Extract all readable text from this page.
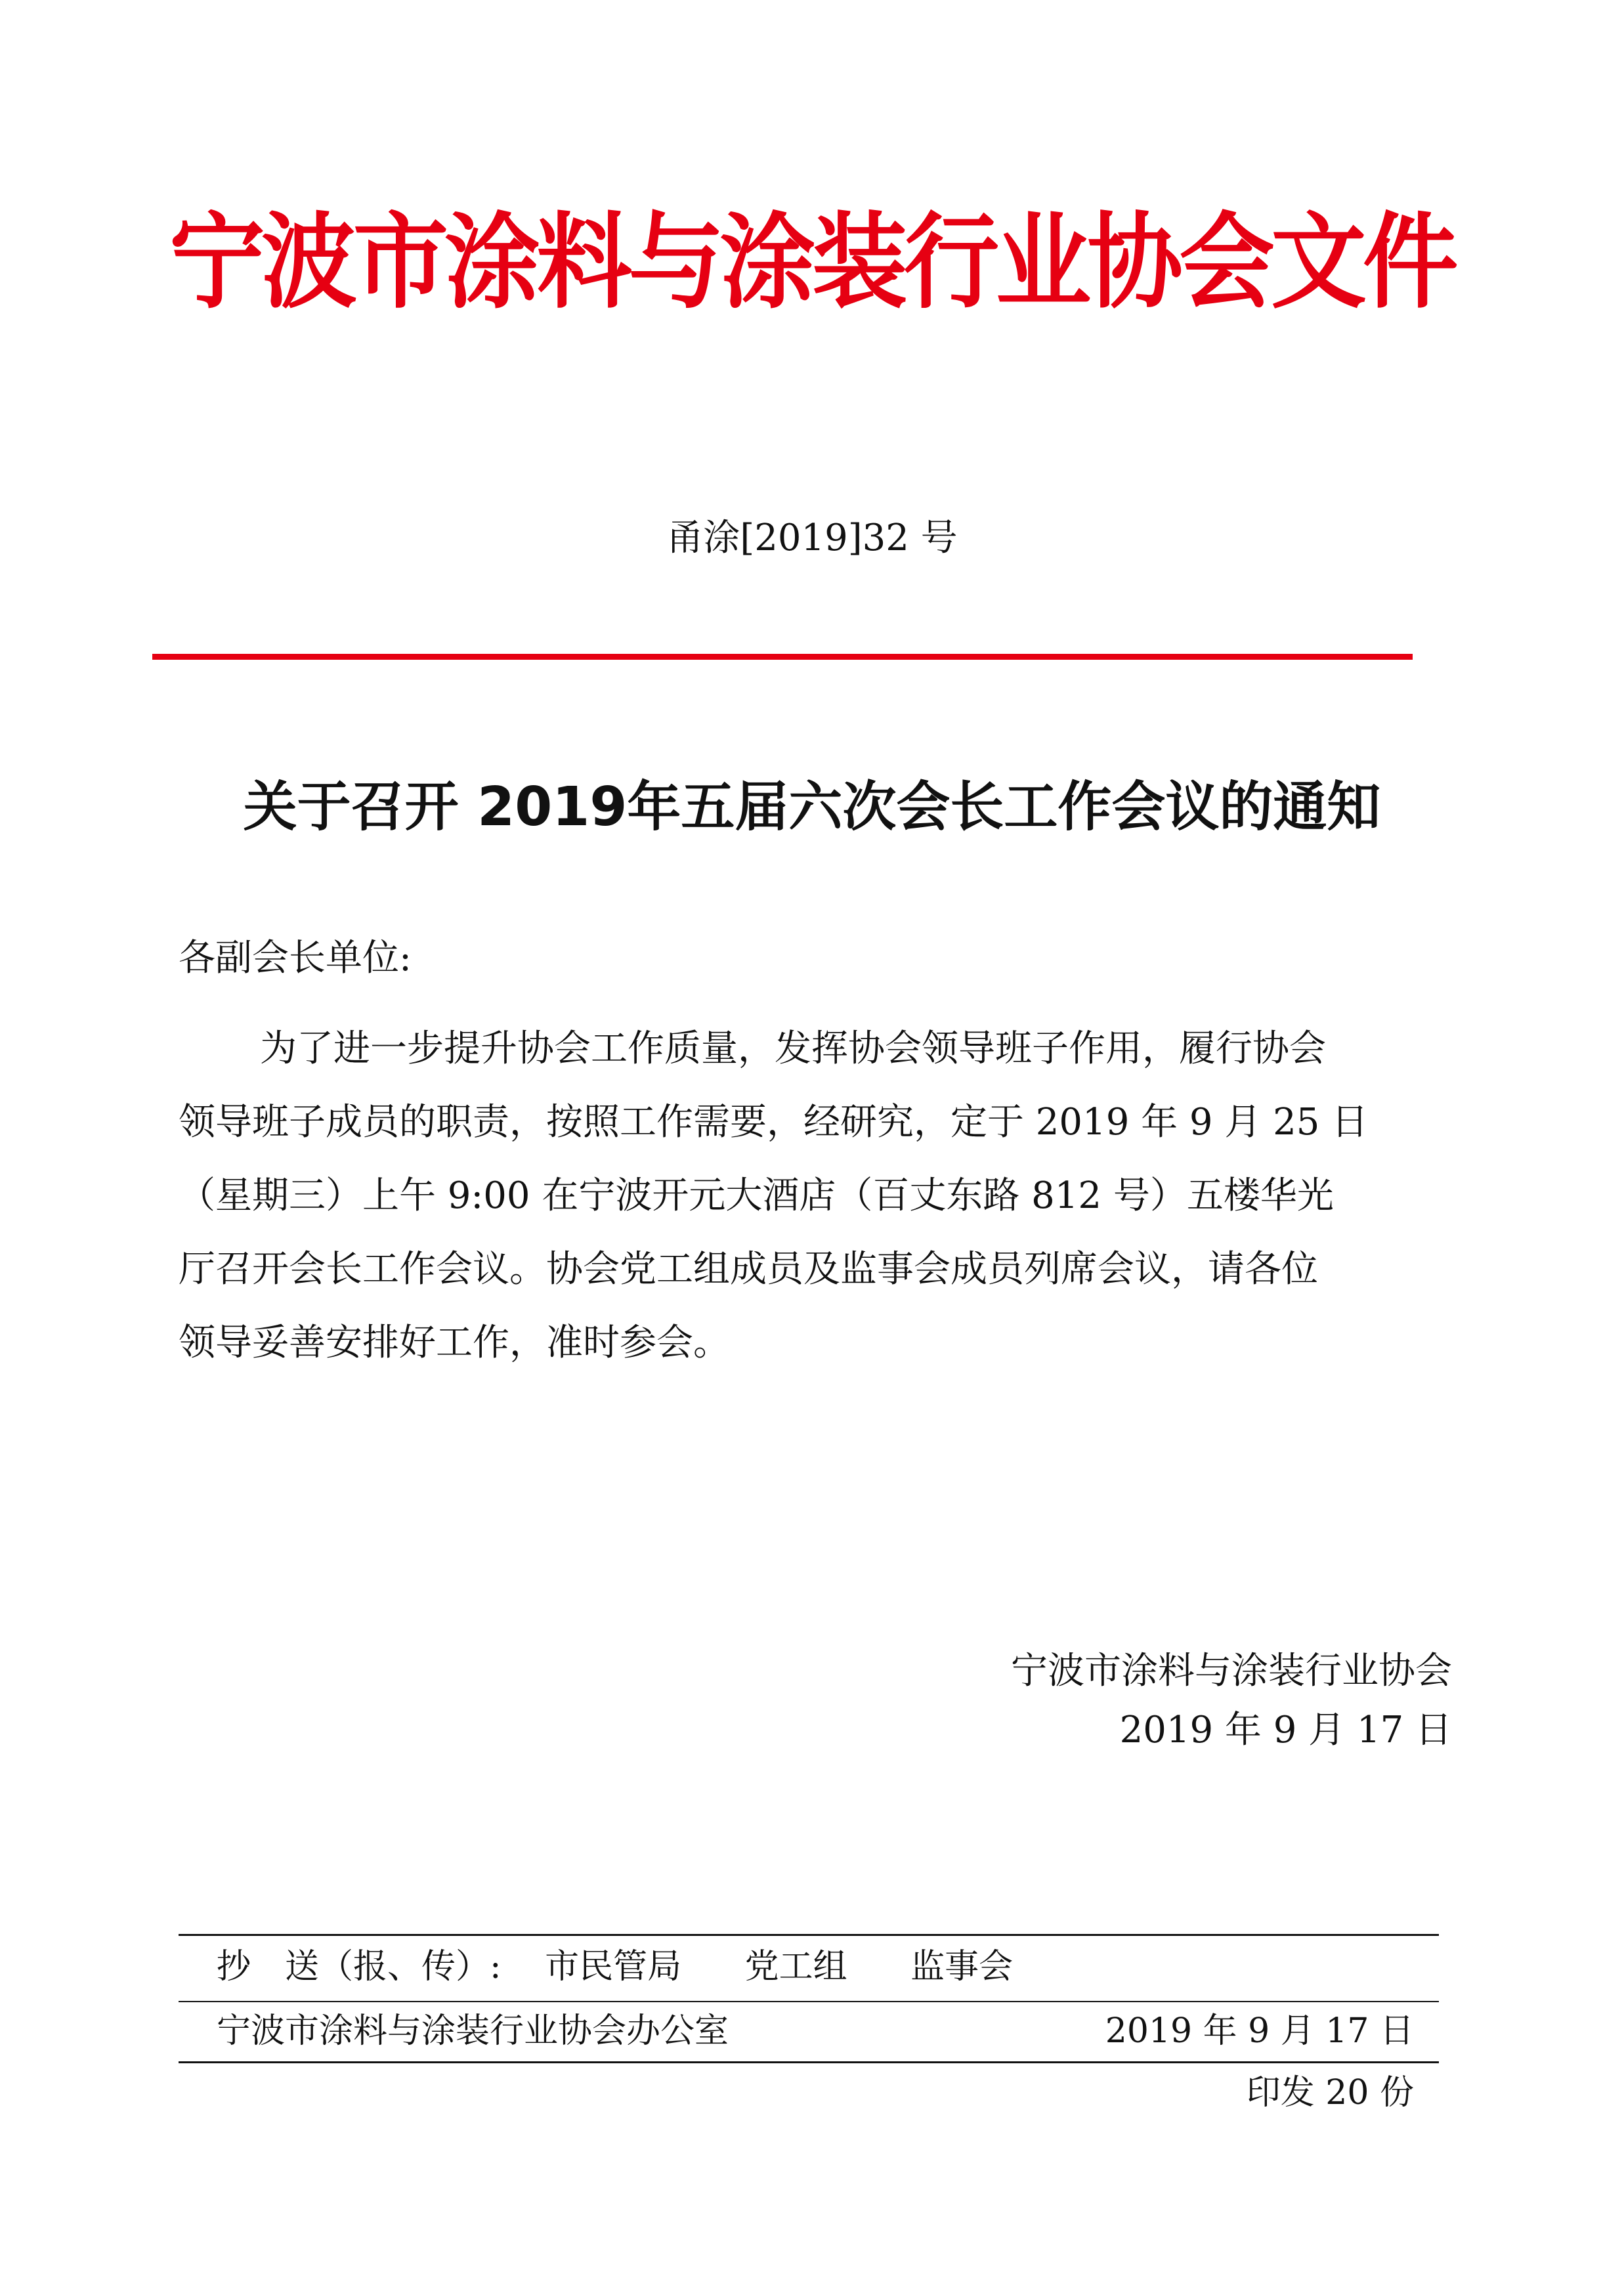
宁波市涂料与涂装行业协会文件
甬涂[2019]32 号
关于召开 2019年五届六次会长工作会议的通知
各副会长单位:
为了进一步提升协会工作质量，发挥协会领导班子作用，履行协会
领导班子成员的职责，按照工作需要，经研究，定于 2019 年 9 月 25 日
（星期三）上午 9:00 在宁波开元大酒店（百丈东路 812 号）五楼华光
厅召开会长工作会议。协会党工组成员及监事会成员列席会议，请各位
领导妥善安排好工作，准时参会。
宁波市涂料与涂装行业协会
2019 年 9 月 17 日
抄　送（报、传）: 市民管局 党工组 监事会
宁波市涂料与涂装行业协会办公室	2019 年 9 月 17 日
印发 20 份
